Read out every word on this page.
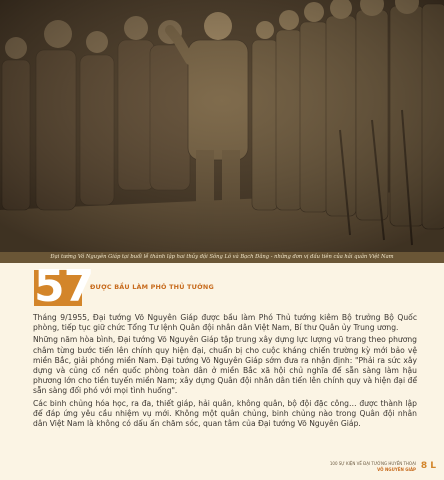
Đại tướng Võ Nguyên Giáp tại buổi lễ thành lập hai thủy đội Sông Lô và Bạch Đằng - những đơn vị đầu tiên của hải quân Việt Nam
57
ĐƯỢC BẦU LÀM PHÓ THỦ TƯỚNG

Tháng 9/1955, Đại tướng Võ Nguyên Giáp được bầu làm Phó Thủ tướng kiêm Bộ trưởng Bộ Quốc phòng, tiếp tục giữ chức Tổng Tư lệnh Quân đội nhân dân Việt Nam, Bí thư Quân ủy Trung ương.

Những năm hòa bình, Đại tướng Võ Nguyên Giáp tập trung xây dựng lực lượng vũ trang theo phương châm từng bước tiến lên chính quy hiện đại, chuẩn bị cho cuộc kháng chiến trường kỳ mới bảo vệ miền Bắc, giải phóng miền Nam. Đại tướng Võ Nguyên Giáp sớm đưa ra nhận định: "Phải ra sức xây dựng và củng cố nền quốc phòng toàn dân ở miền Bắc xã hội chủ nghĩa để sẵn sàng làm hậu phương lớn cho tiền tuyến miền Nam; xây dựng Quân đội nhân dân tiến lên chính quy và hiện đại để sẵn sàng đối phó với mọi tình huống".

Các binh chủng hóa học, ra đa, thiết giáp, hải quân, không quân, bộ đội đặc công… được thành lập để đáp ứng yêu cầu nhiệm vụ mới. Không một quân chủng, binh chủng nào trong Quân đội nhân dân Việt Nam là không có dấu ấn chăm sóc, quan tâm của Đại tướng Võ Nguyên Giáp.

100 SỰ KIỆN VỀ ĐẠI TƯỚNG HUYỀN THOẠI
VÕ NGUYÊN GIÁP 8 L
